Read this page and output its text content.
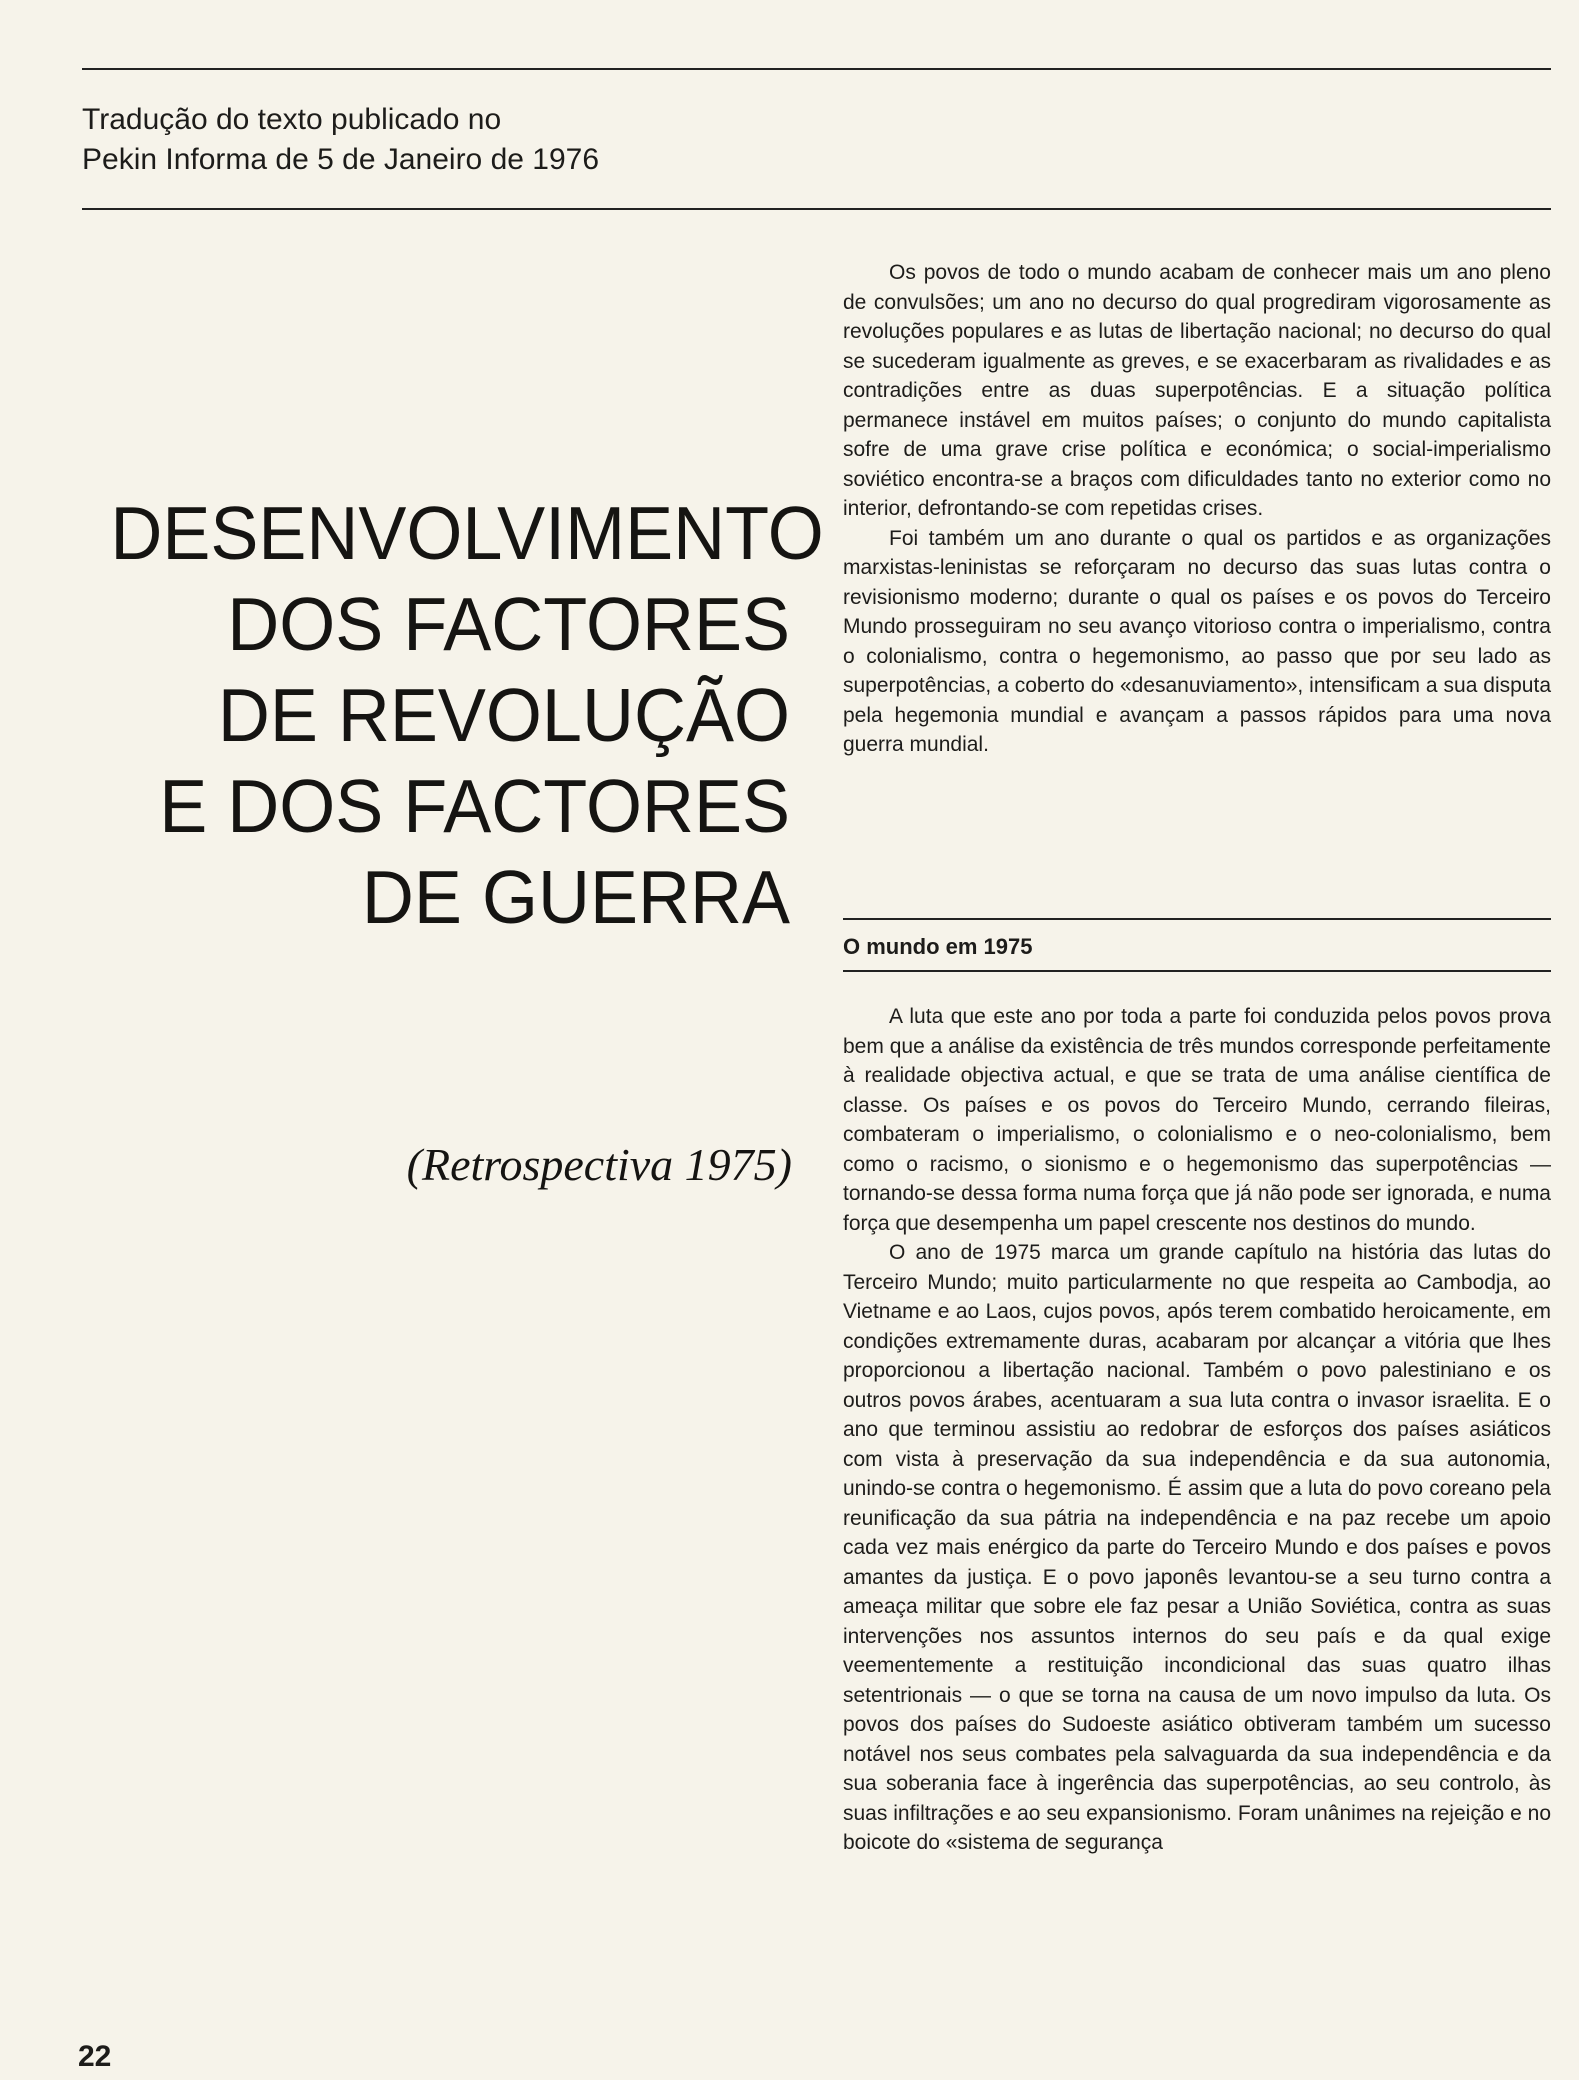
Tradução do texto publicado no
Pekin Informa de 5 de Janeiro de 1976
DESENVOLVIMENTO
DOS FACTORES
DE REVOLUÇÃO
E DOS FACTORES
DE GUERRA
(Retrospectiva 1975)

Os povos de todo o mundo acabam de conhecer mais um ano pleno de convulsões; um ano no decurso do qual progrediram vigorosamente as revoluções populares e as lutas de libertação nacional; no decurso do qual se sucederam igualmente as greves, e se exacerbaram as rivalidades e as contradições entre as duas superpotências. E a situação política permanece instável em muitos países; o conjunto do mundo capitalista sofre de uma grave crise política e económica; o social-imperialismo soviético encontra-se a braços com dificuldades tanto no exterior como no interior, defrontando-se com repetidas crises.

Foi também um ano durante o qual os partidos e as organizações marxistas-leninistas se reforçaram no decurso das suas lutas contra o revisionismo moderno; durante o qual os países e os povos do Terceiro Mundo prosseguiram no seu avanço vitorioso contra o imperialismo, contra o colonialismo, contra o hegemonismo, ao passo que por seu lado as superpotências, a coberto do «desanuviamento», intensificam a sua disputa pela hegemonia mundial e avançam a passos rápidos para uma nova guerra mundial.

O mundo em 1975

A luta que este ano por toda a parte foi conduzida pelos povos prova bem que a análise da existência de três mundos corresponde perfeitamente à realidade objectiva actual, e que se trata de uma análise científica de classe. Os países e os povos do Terceiro Mundo, cerrando fileiras, combateram o imperialismo, o colonialismo e o neo-colonialismo, bem como o racismo, o sionismo e o hegemonismo das superpotências — tornando-se dessa forma numa força que já não pode ser ignorada, e numa força que desempenha um papel crescente nos destinos do mundo.

O ano de 1975 marca um grande capítulo na história das lutas do Terceiro Mundo; muito particularmente no que respeita ao Cambodja, ao Vietname e ao Laos, cujos povos, após terem combatido heroicamente, em condições extremamente duras, acabaram por alcançar a vitória que lhes proporcionou a libertação nacional. Também o povo palestiniano e os outros povos árabes, acentuaram a sua luta contra o invasor israelita. E o ano que terminou assistiu ao redobrar de esforços dos países asiáticos com vista à preservação da sua independência e da sua autonomia, unindo-se contra o hegemonismo. É assim que a luta do povo coreano pela reunificação da sua pátria na independência e na paz recebe um apoio cada vez mais enérgico da parte do Terceiro Mundo e dos países e povos amantes da justiça. E o povo japonês levantou-se a seu turno contra a ameaça militar que sobre ele faz pesar a União Soviética, contra as suas intervenções nos assuntos internos do seu país e da qual exige veementemente a restituição incondicional das suas quatro ilhas setentrionais — o que se torna na causa de um novo impulso da luta. Os povos dos países do Sudoeste asiático obtiveram também um sucesso notável nos seus combates pela salvaguarda da sua independência e da sua soberania face à ingerência das superpotências, ao seu controlo, às suas infiltrações e ao seu expansionismo. Foram unânimes na rejeição e no boicote do «sistema de segurança

22
